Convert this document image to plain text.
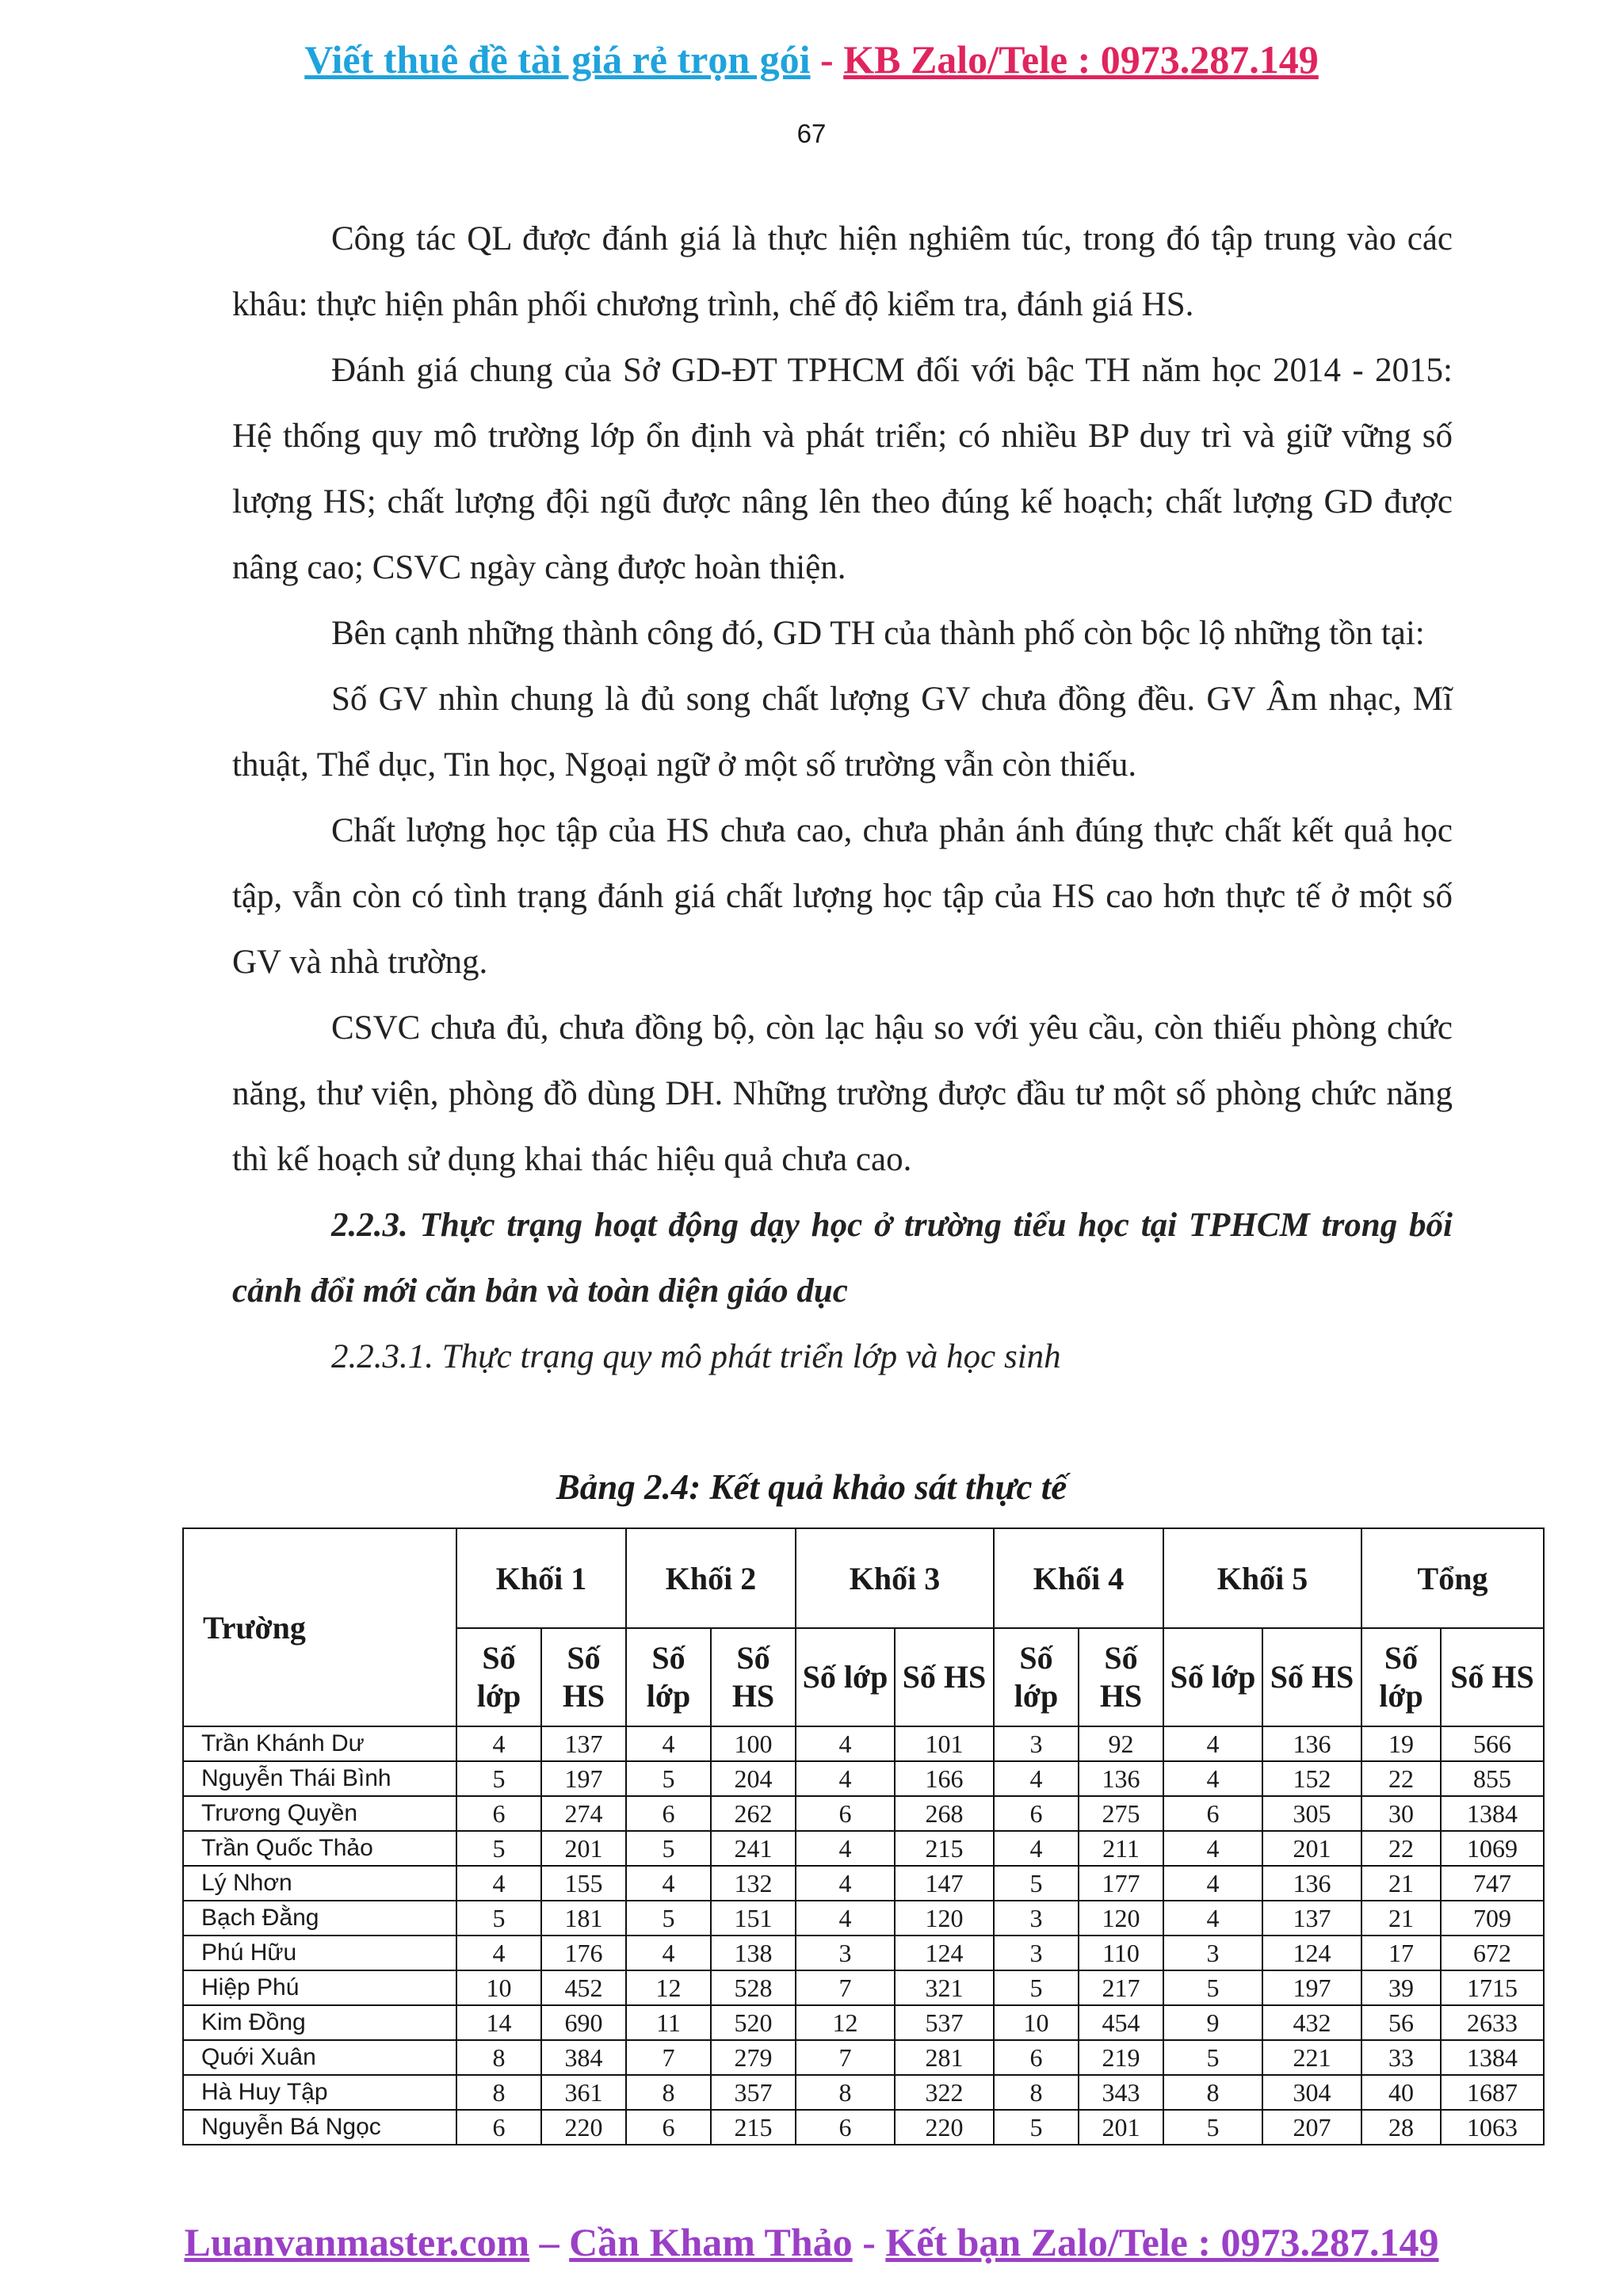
Viết thuê đề tài giá rẻ trọn gói - KB Zalo/Tele : 0973.287.149
67

Công tác QL được đánh giá là thực hiện nghiêm túc, trong đó tập trung vào các khâu: thực hiện phân phối chương trình, chế độ kiểm tra, đánh giá HS.

Đánh giá chung của Sở GD-ĐT TPHCM đối với bậc TH năm học 2014 - 2015: Hệ thống quy mô trường lớp ổn định và phát triển; có nhiều BP duy trì và giữ vững số lượng HS; chất lượng đội ngũ được nâng lên theo đúng kế hoạch; chất lượng GD được nâng cao; CSVC ngày càng được hoàn thiện.

Bên cạnh những thành công đó, GD TH của thành phố còn bộc lộ những tồn tại:

Số GV nhìn chung là đủ song chất lượng GV chưa đồng đều. GV Âm nhạc, Mĩ thuật, Thể dục, Tin học, Ngoại ngữ ở một số trường vẫn còn thiếu.

Chất lượng học tập của HS chưa cao, chưa phản ánh đúng thực chất kết quả học tập, vẫn còn có tình trạng đánh giá chất lượng học tập của HS cao hơn thực tế ở một số GV và nhà trường.

CSVC chưa đủ, chưa đồng bộ, còn lạc hậu so với yêu cầu, còn thiếu phòng chức năng, thư viện, phòng đồ dùng DH. Những trường được đầu tư một số phòng chức năng thì kế hoạch sử dụng khai thác hiệu quả chưa cao.

2.2.3. Thực trạng hoạt động dạy học ở trường tiểu học tại TPHCM trong bối cảnh đổi mới căn bản và toàn diện giáo dục

2.2.3.1. Thực trạng quy mô phát triển lớp và học sinh

Bảng 2.4: Kết quả khảo sát thực tế
Trường	Khối 1		Khối 2		Khối 3		Khối 4		Khối 5		Tổng	
	Số lớp	Số HS	Số lớp	Số HS	Số lớp	Số HS	Số lớp	Số HS	Số lớp	Số HS	Số lớp	Số HS
Trần Khánh Dư	4	137	4	100	4	101	3	92	4	136	19	566
Nguyễn Thái Bình	5	197	5	204	4	166	4	136	4	152	22	855
Trương Quyền	6	274	6	262	6	268	6	275	6	305	30	1384
Trần Quốc Thảo	5	201	5	241	4	215	4	211	4	201	22	1069
Lý Nhơn	4	155	4	132	4	147	5	177	4	136	21	747
Bạch Đằng	5	181	5	151	4	120	3	120	4	137	21	709
Phú Hữu	4	176	4	138	3	124	3	110	3	124	17	672
Hiệp Phú	10	452	12	528	7	321	5	217	5	197	39	1715
Kim Đồng	14	690	11	520	12	537	10	454	9	432	56	2633
Quới Xuân	8	384	7	279	7	281	6	219	5	221	33	1384
Hà Huy Tập	8	361	8	357	8	322	8	343	8	304	40	1687
Nguyễn Bá Ngọc	6	220	6	215	6	220	5	201	5	207	28	1063
Luanvanmaster.com – Cần Kham Thảo - Kết bạn Zalo/Tele : 0973.287.149
